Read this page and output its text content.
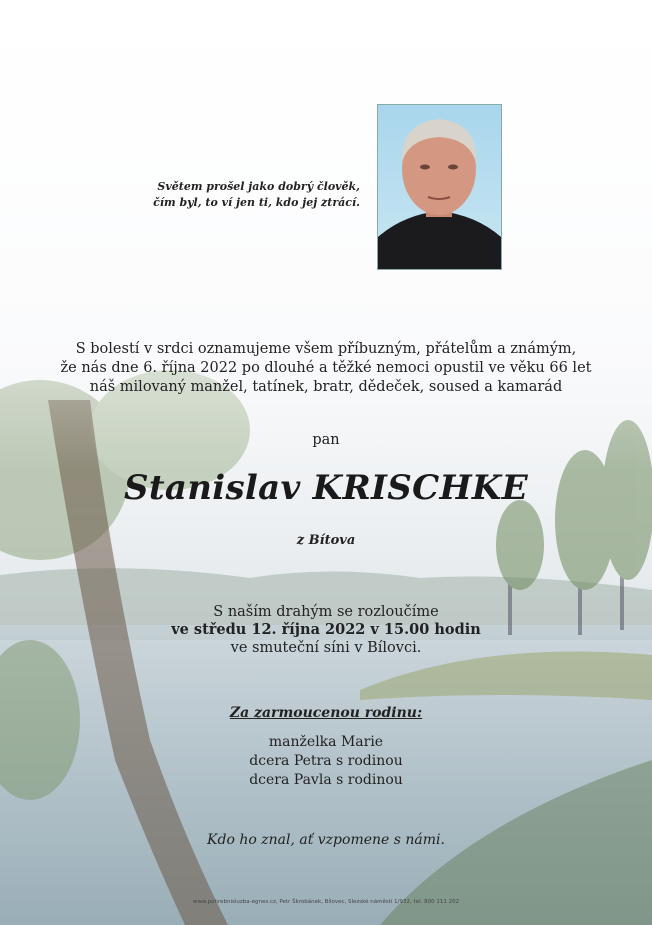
Světem prošel jako dobrý člověk,
čím byl, to ví jen ti, kdo jej ztrácí.
S bolestí v srdci oznamujeme všem příbuzným, přátelům a známým,
že nás dne 6. října 2022 po dlouhé a těžké nemoci opustil ve věku 66 let
náš milovaný manžel, tatínek, bratr, dědeček, soused a kamarád
pan
Stanislav KRISCHKE
z Bítova
S naším drahým se rozloučíme
ve středu 12. října 2022 v 15.00 hodin
ve smuteční síni v Bílovci.
Za zarmoucenou rodinu:
manželka Marie
dcera Petra s rodinou
dcera Pavla s rodinou
Kdo ho znal, ať vzpomene s námi.
www.pohrebnisluzba-egnes.cz, Petr Škrobánek, Bílovec, Slezské náměstí 1/932, tel. 800 111 202
